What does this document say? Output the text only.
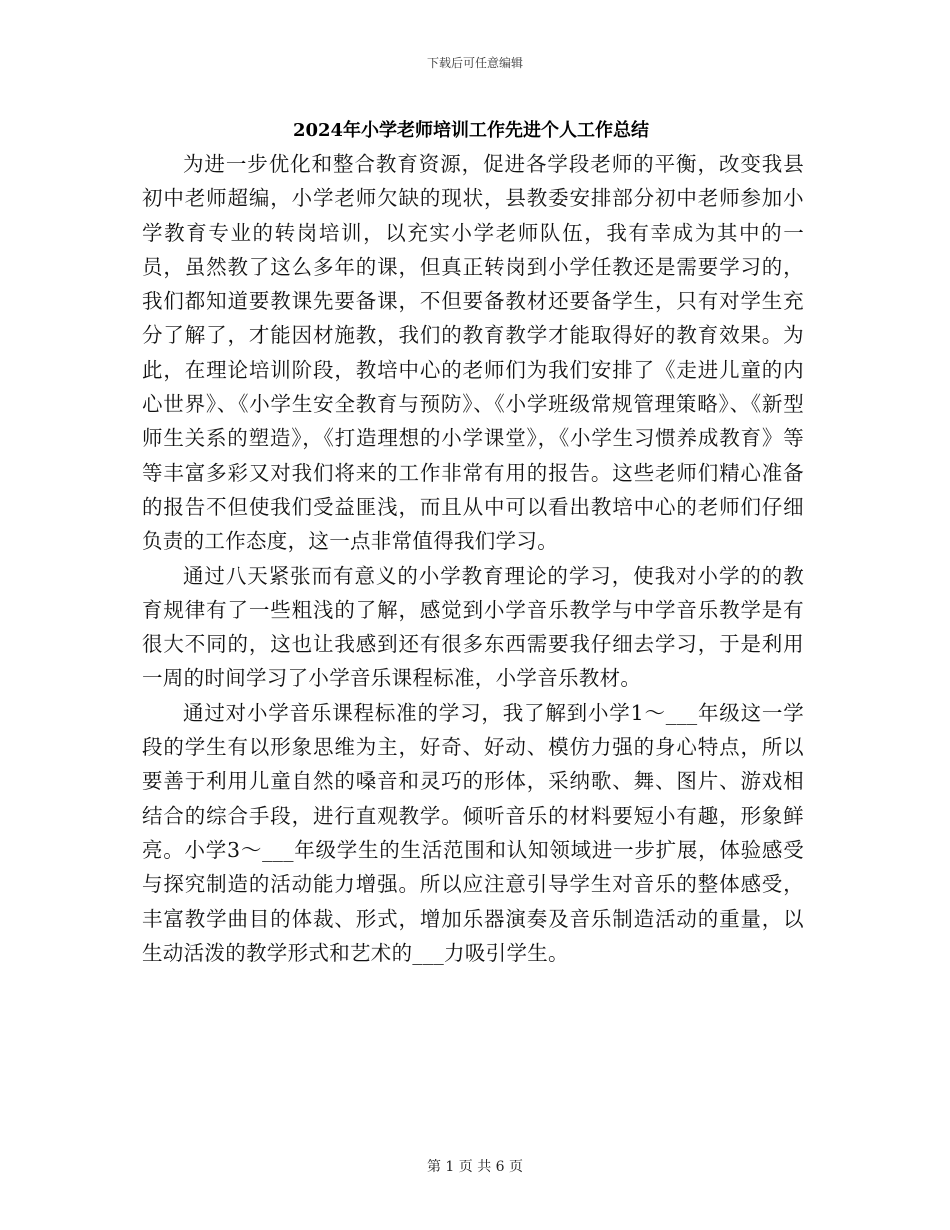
下载后可任意编辑
2024年小学老师培训工作先进个人工作总结

为进一步优化和整合教育资源，促进各学段老师的平衡，改变我县初中老师超编，小学老师欠缺的现状，县教委安排部分初中老师参加小学教育专业的转岗培训，以充实小学老师队伍，我有幸成为其中的一员，虽然教了这么多年的课，但真正转岗到小学任教还是需要学习的，我们都知道要教课先要备课，不但要备教材还要备学生，只有对学生充分了解了，才能因材施教，我们的教育教学才能取得好的教育效果。为此，在理论培训阶段，教培中心的老师们为我们安排了《走进儿童的内心世界》、《小学生安全教育与预防》、《小学班级常规管理策略》、《新型师生关系的塑造》，《打造理想的小学课堂》，《小学生习惯养成教育》等等丰富多彩又对我们将来的工作非常有用的报告。这些老师们精心准备的报告不但使我们受益匪浅，而且从中可以看出教培中心的老师们仔细负责的工作态度，这一点非常值得我们学习。

通过八天紧张而有意义的小学教育理论的学习，使我对小学的的教育规律有了一些粗浅的了解，感觉到小学音乐教学与中学音乐教学是有很大不同的，这也让我感到还有很多东西需要我仔细去学习，于是利用一周的时间学习了小学音乐课程标准，小学音乐教材。

通过对小学音乐课程标准的学习，我了解到小学1～___年级这一学段的学生有以形象思维为主，好奇、好动、模仿力强的身心特点，所以要善于利用儿童自然的嗓音和灵巧的形体，采纳歌、舞、图片、游戏相结合的综合手段，进行直观教学。倾听音乐的材料要短小有趣，形象鲜亮。小学3～___年级学生的生活范围和认知领域进一步扩展，体验感受与探究制造的活动能力增强。所以应注意引导学生对音乐的整体感受，丰富教学曲目的体裁、形式，增加乐器演奏及音乐制造活动的重量，以生动活泼的教学形式和艺术的___力吸引学生。

第 1 页 共 6 页
